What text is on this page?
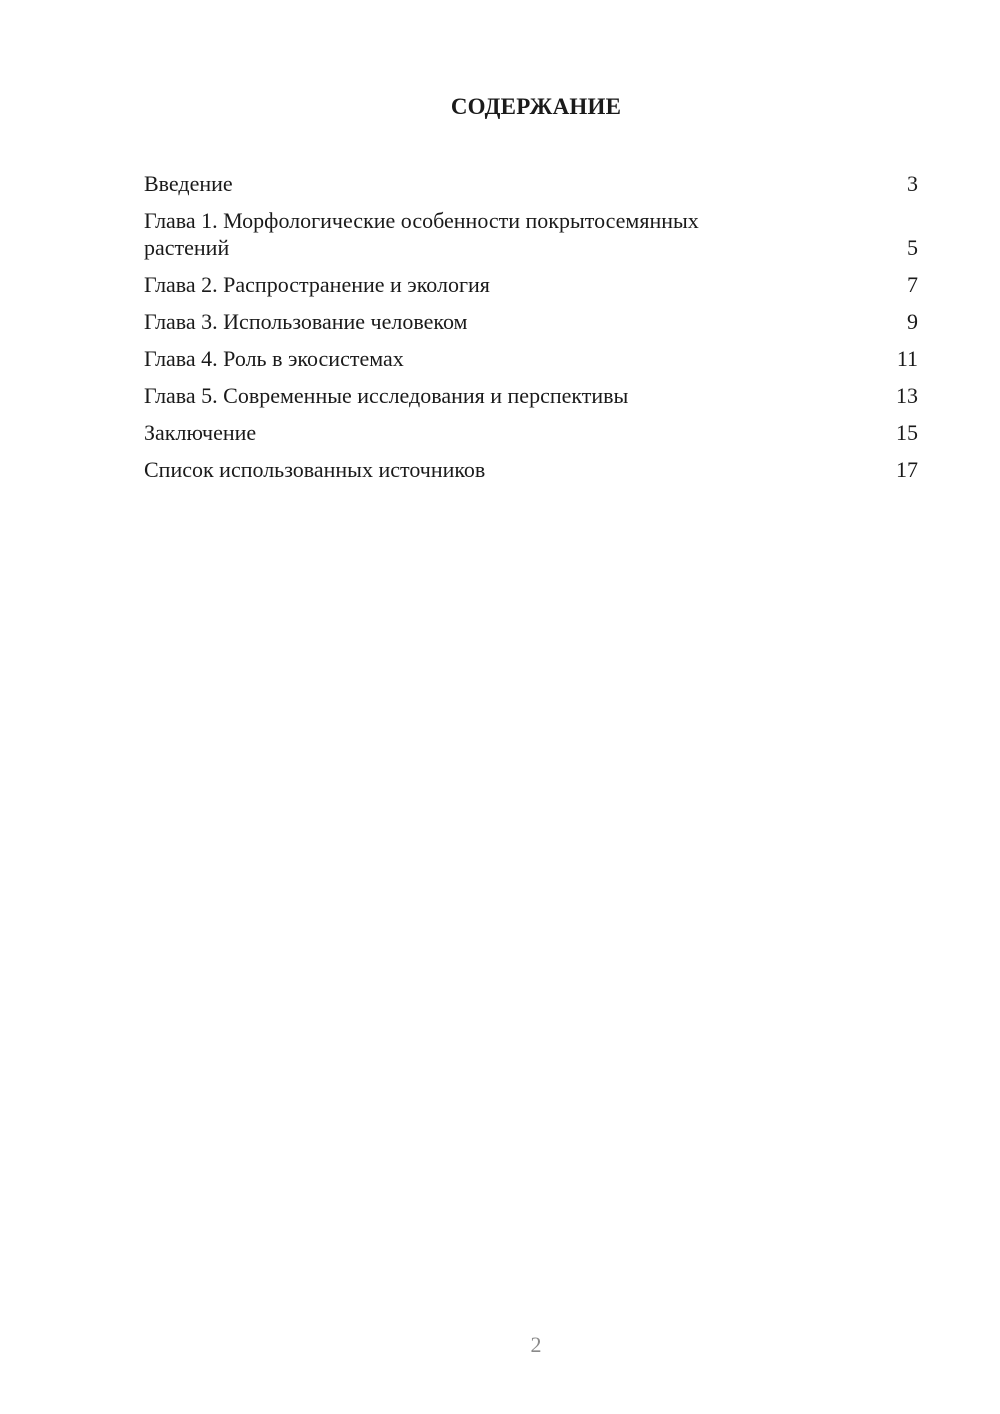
СОДЕРЖАНИЕ
Введение	3
Глава 1. Морфологические особенности покрытосемянных растений	5
Глава 2. Распространение и экология	7
Глава 3. Использование человеком	9
Глава 4. Роль в экосистемах	11
Глава 5. Современные исследования и перспективы	13
Заключение	15
Список использованных источников	17

2
